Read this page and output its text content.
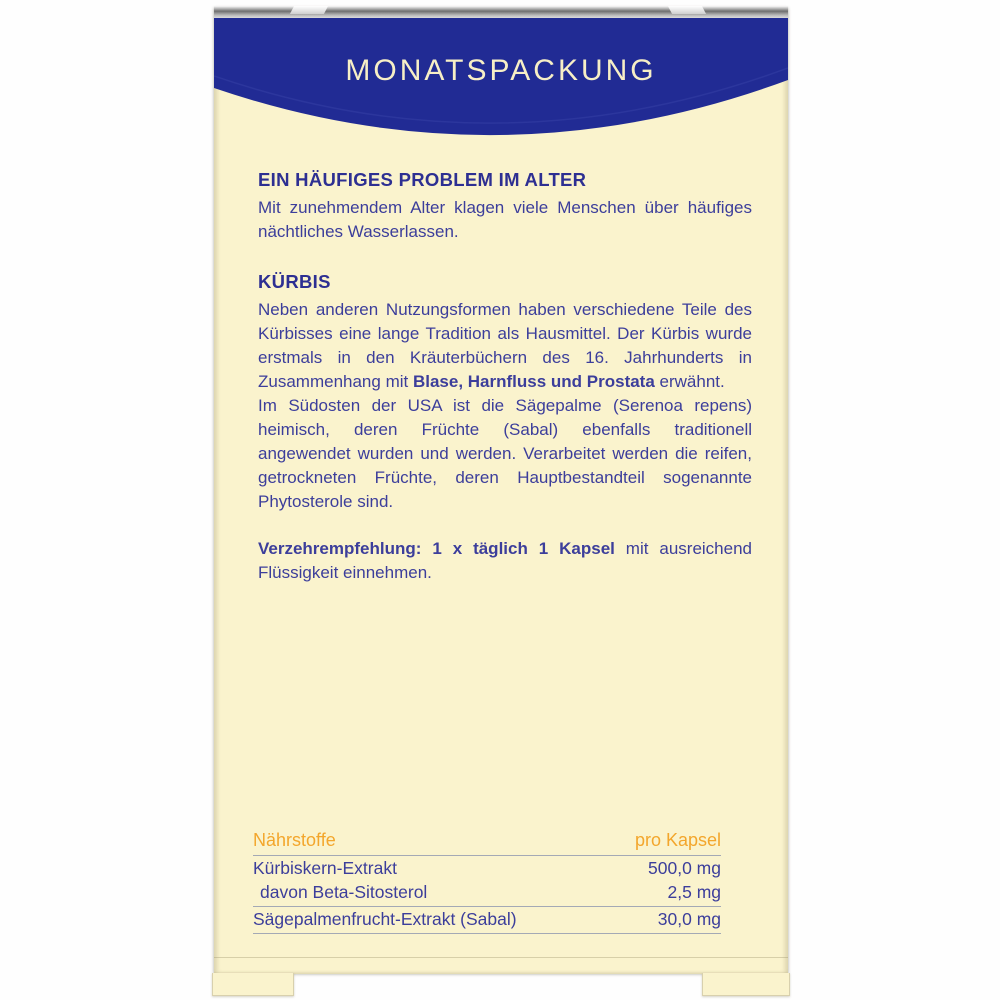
MONATSPACKUNG
EIN HÄUFIGES PROBLEM IM ALTER

Mit zunehmendem Alter klagen viele Menschen über häufiges nächtliches Wasserlassen.

KÜRBIS

Neben anderen Nutzungsformen haben verschiedene Teile des Kürbisses eine lange Tradition als Hausmittel. Der Kürbis wurde erstmals in den Kräuterbüchern des 16. Jahrhunderts in Zusammenhang mit Blase, Harnfluss und Prostata erwähnt.

Im Südosten der USA ist die Sägepalme (Serenoa repens) heimisch, deren Früchte (Sabal) ebenfalls traditionell angewendet wurden und werden. Verarbeitet werden die reifen, getrockneten Früchte, deren Hauptbestandteil sogenannte Phytosterole sind.

Verzehrempfehlung: 1 x täglich 1 Kapsel mit ausreichend Flüssigkeit einnehmen.

Nährstoffe	pro Kapsel
Kürbiskern-Extrakt	500,0 mg
davon Beta-Sitosterol	2,5 mg
Sägepalmenfrucht-Extrakt (Sabal)	30,0 mg
